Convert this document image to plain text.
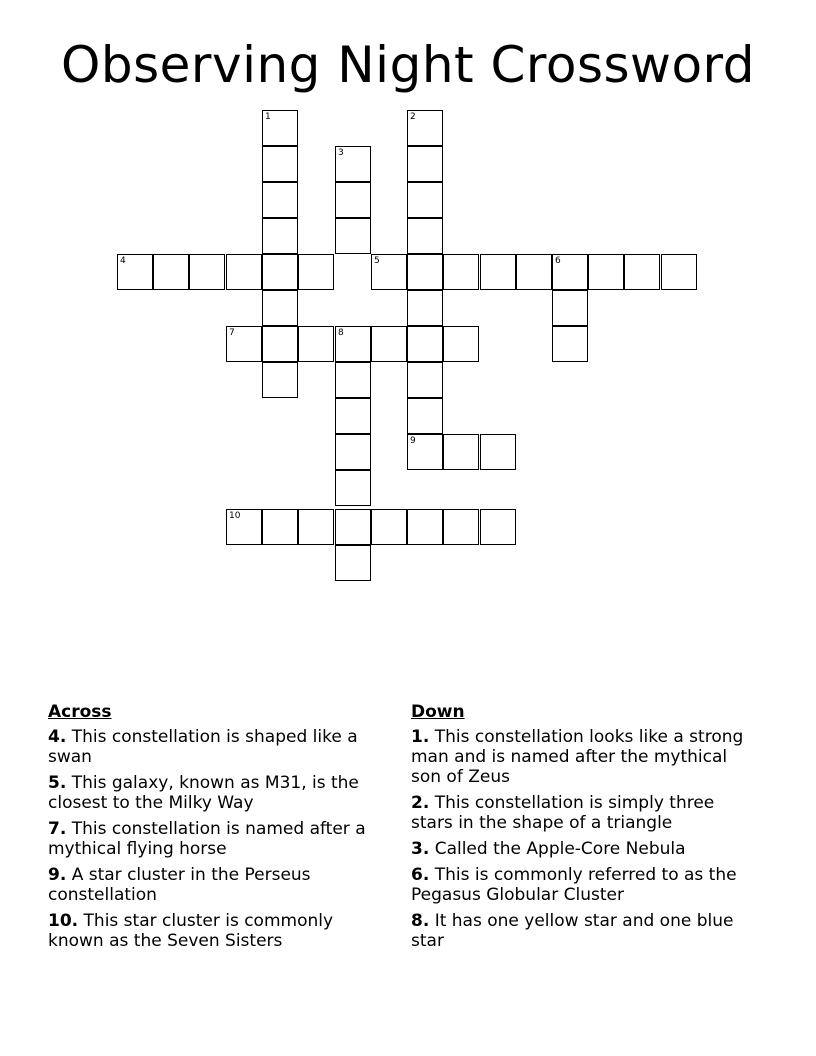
Observing Night Crossword
1	2
3
4	5	6
7	8
9
10
Across
4. This constellation is shaped like a swan
5. This galaxy, known as M31, is the closest to the Milky Way
7. This constellation is named after a mythical flying horse
9. A star cluster in the Perseus constellation
10. This star cluster is commonly known as the Seven Sisters
Down
1. This constellation looks like a strong man and is named after the mythical son of Zeus
2. This constellation is simply three stars in the shape of a triangle
3. Called the Apple-Core Nebula
6. This is commonly referred to as the Pegasus Globular Cluster
8. It has one yellow star and one blue star
